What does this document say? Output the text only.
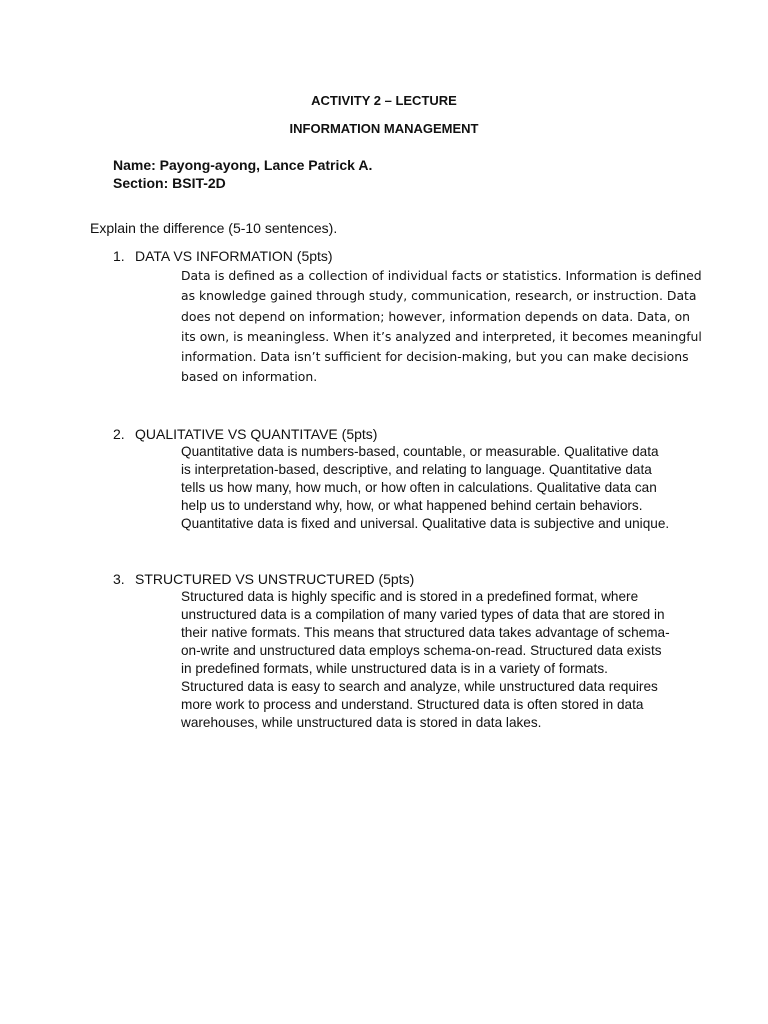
ACTIVITY 2 – LECTURE
INFORMATION MANAGEMENT
Name: Payong-ayong, Lance Patrick A.
Section: BSIT-2D
Explain the difference (5-10 sentences).
1. DATA VS INFORMATION (5pts)
Data is defined as a collection of individual facts or statistics. Information is defined
as knowledge gained through study, communication, research, or instruction. Data
does not depend on information; however, information depends on data. Data, on
its own, is meaningless. When it’s analyzed and interpreted, it becomes meaningful
information. Data isn’t sufficient for decision-making, but you can make decisions
based on information.
2. QUALITATIVE VS QUANTITAVE (5pts)
Quantitative data is numbers-based, countable, or measurable. Qualitative data
is interpretation-based, descriptive, and relating to language. Quantitative data
tells us how many, how much, or how often in calculations. Qualitative data can
help us to understand why, how, or what happened behind certain behaviors.
Quantitative data is fixed and universal. Qualitative data is subjective and unique.
3. STRUCTURED VS UNSTRUCTURED (5pts)
Structured data is highly specific and is stored in a predefined format, where
unstructured data is a compilation of many varied types of data that are stored in
their native formats. This means that structured data takes advantage of schema-
on-write and unstructured data employs schema-on-read. Structured data exists
in predefined formats, while unstructured data is in a variety of formats.
Structured data is easy to search and analyze, while unstructured data requires
more work to process and understand. Structured data is often stored in data
warehouses, while unstructured data is stored in data lakes.
